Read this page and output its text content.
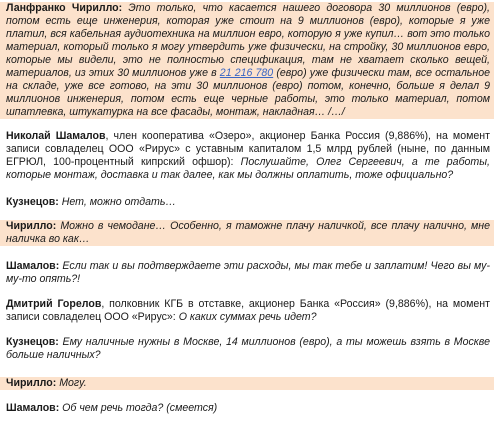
Ланфранко Чирилло: Это только, что касается нашего договора 30 миллионов (евро), потом есть еще инженерия, которая уже стоит на 9 миллионов (евро), которые я уже платил, вся кабельная аудиотехника на миллион евро, которую я уже купил… вот это только материал, который только я могу утвердить уже физически, на стройку, 30 миллионов евро, которые мы видели, это не полностью спецификация, там не хватает сколько вещей, материалов, из этих 30 миллионов уже в 21 216 780 (евро) уже физически там, все остальное на складе, уже все готово, на эти 30 миллионов (евро) потом, конечно, больше я делал 9 миллионов инженерия, потом есть еще черные работы, это только материал, потом шпатлевка, штукатурка на все фасады, монтаж, накладная… /…/

Николай Шамалов, член кооператива «Озеро», акционер Банка Россия (9,886%), на момент записи совладелец ООО «Рирус» с уставным капиталом 1,5 млрд рублей (ныне, по данным ЕГРЮЛ, 100-процентный кипрский офшор): Послушайте, Олег Сергеевич, а те работы, которые монтаж, доставка и так далее, как мы должны оплатить, тоже официально?

Кузнецов: Нет, можно отдать…

Чирилло: Можно в чемодане… Особенно, я таможне плачу наличкой, все плачу налично, мне наличка во как…

Шамалов: Если так и вы подтверждаете эти расходы, мы так тебе и заплатим! Чего вы му-му-то опять?!

Дмитрий Горелов, полковник КГБ в отставке, акционер Банка «Россия» (9,886%), на момент записи совладелец ООО «Рирус»: О каких суммах речь идет?

Кузнецов: Ему наличные нужны в Москве, 14 миллионов (евро), а ты можешь взять в Москве больше наличных?

Чирилло: Могу.

Шамалов: Об чем речь тогда? (смеется)
